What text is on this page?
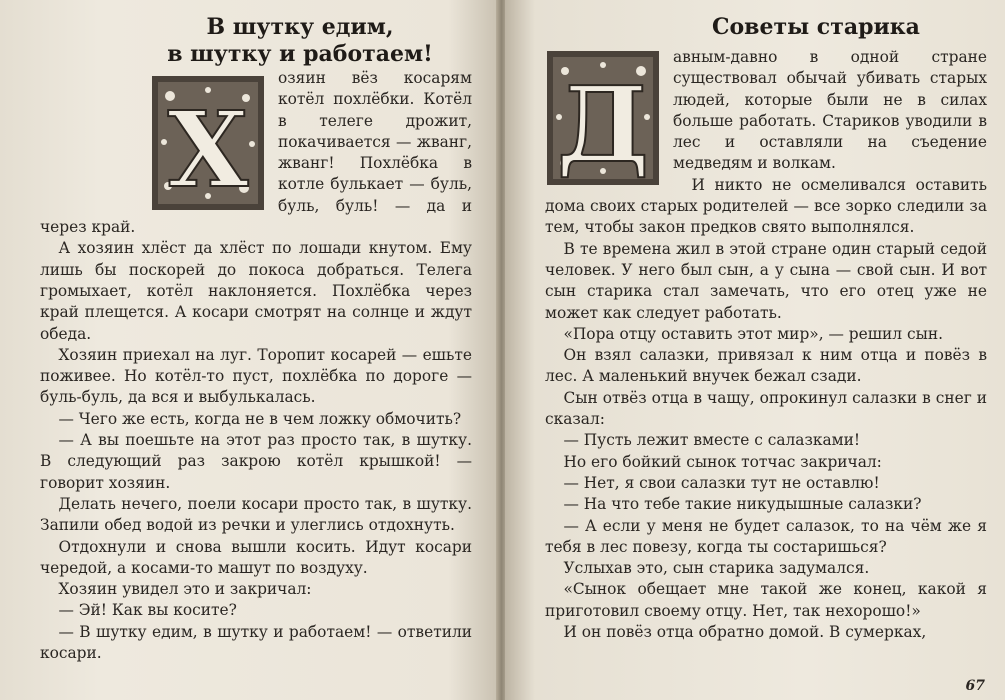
В шутку едим,
в шутку и работаем!
Х

озяин вёз косарям котёл похлёбки. Котёл в телеге дрожит, покачивается — жванг, жванг! Похлёбка в котле булькает — буль, буль, буль! — да и через край.

А хозяин хлёст да хлёст по лошади кнутом. Ему лишь бы поскорей до покоса добраться. Телега громыхает, котёл наклоняется. Похлёбка через край плещется. А косари смотрят на солнце и ждут обеда.

Хозяин приехал на луг. Торопит косарей — ешьте поживее. Но котёл-то пуст, похлёбка по дороге — буль-буль, да вся и выбулькалась.

— Чего же есть, когда не в чем ложку обмочить?

— А вы поешьте на этот раз просто так, в шутку. В следующий раз закрою котёл крышкой! — говорит хозяин.

Делать нечего, поели косари просто так, в шутку. Запили обед водой из речки и улеглись отдохнуть.

Отдохнули и снова вышли косить. Идут косари чередой, а косами-то машут по воздуху.

Хозяин увидел это и закричал:

— Эй! Как вы косите?

— В шутку едим, в шутку и работаем! — ответили косари.

Советы старика
Д

авным-давно в одной стране существовал обычай убивать старых людей, которые были не в силах больше работать. Стариков уводили в лес и оставляли на съедение медведям и волкам.

И никто не осмеливался оставить дома своих старых родителей — все зорко следили за тем, чтобы закон предков свято выполнялся.

В те времена жил в этой стране один старый седой человек. У него был сын, а у сына — свой сын. И вот сын старика стал замечать, что его отец уже не может как следует работать.

«Пора отцу оставить этот мир», — решил сын.

Он взял салазки, привязал к ним отца и повёз в лес. А маленький внучек бежал сзади.

Сын отвёз отца в чащу, опрокинул салазки в снег и сказал:

— Пусть лежит вместе с салазками!

Но его бойкий сынок тотчас закричал:

— Нет, я свои салазки тут не оставлю!

— На что тебе такие никудышные салазки?

— А если у меня не будет салазок, то на чём же я тебя в лес повезу, когда ты состаришься?

Услыхав это, сын старика задумался.

«Сынок обещает мне такой же конец, какой я приготовил своему отцу. Нет, так нехорошо!»

И он повёз отца обратно домой. В сумерках,

67
